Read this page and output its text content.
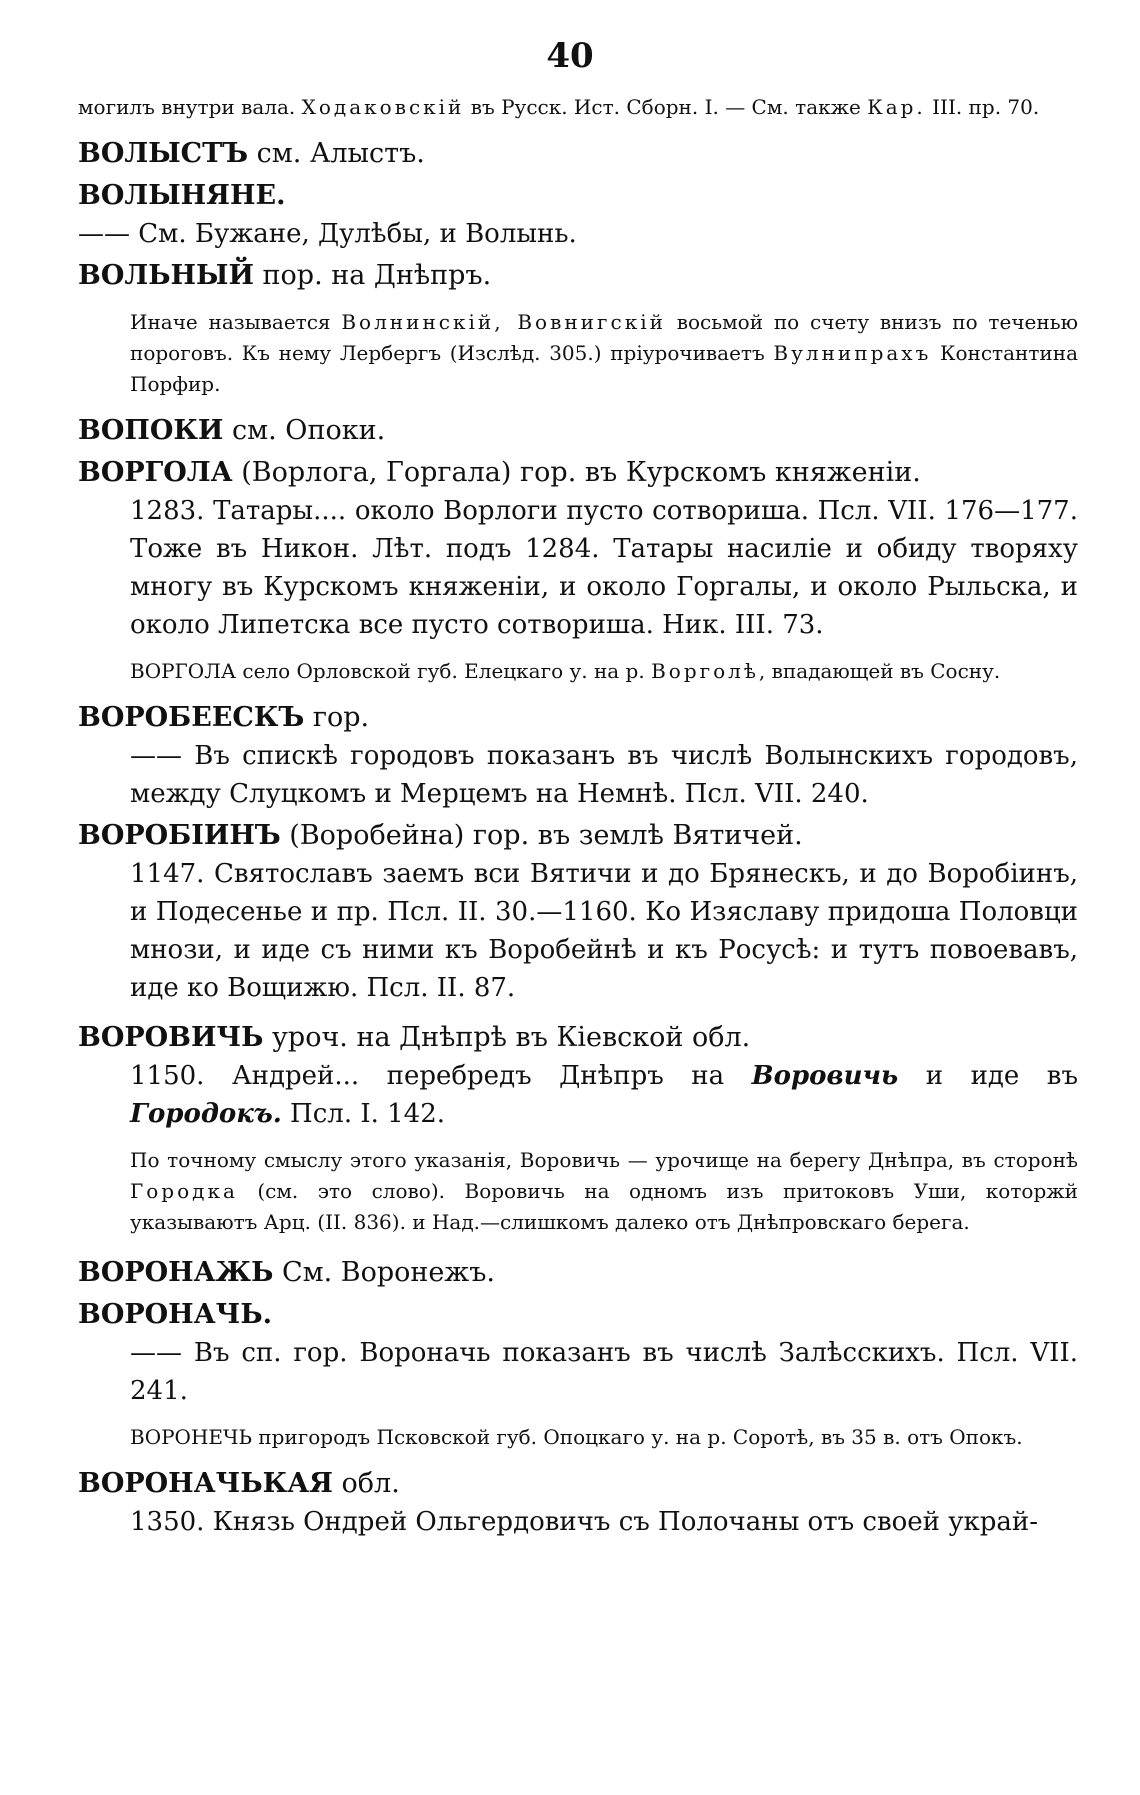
40
могилъ внутри вала. Ходаковскій въ Русск. Ист. Сборн. I. — См. также Кар. III. пр. 70.
ВОЛЫСТЪ см. Алыстъ.
ВОЛЫНЯНЕ.
—— См. Бужане, Дулѣбы, и Волынь.
ВОЛЬНЫЙ пор. на Днѣпръ.
Иначе называется Волнинскій, Вовнигскій восьмой по счету внизъ по теченью пороговъ. Къ нему Лербергъ (Изслѣд. 305.) пріурочиваетъ Вулнипрахъ Константина Порфир.
ВОПОКИ см. Опоки.
ВОРГОЛА (Ворлога, Горгала) гор. въ Курскомъ княженіи.
1283. Татары.... около Ворлоги пусто сотвориша. Псл. VII. 176—177. Тоже въ Никон. Лѣт. подъ 1284. Татары насиліе и обиду творяху многу въ Курскомъ княженіи, и около Горгалы, и около Рыльска, и около Липетска все пусто сотвориша. Ник. III. 73.
ВОРГОЛА село Орловской губ. Елецкаго у. на р. Ворголѣ, впадающей въ Сосну.
ВОРОБЕЕСКЪ гор.
—— Въ спискѣ городовъ показанъ въ числѣ Волынскихъ городовъ, между Слуцкомъ и Мерцемъ на Немнѣ. Псл. VII. 240.
ВОРОБІИНЪ (Воробейна) гор. въ землѣ Вятичей.
1147. Святославъ заемъ вси Вятичи и до Брянескъ, и до Воробіинъ, и Подесенье и пр. Псл. II. 30.—1160. Ко Изяславу придоша Половци мнози, и иде съ ними къ Воробейнѣ и къ Росусѣ: и тутъ повоевавъ, иде ко Вощижю. Псл. II. 87.
ВОРОВИЧЬ уроч. на Днѣпрѣ въ Кіевской обл.
1150. Андрей... перебредъ Днѣпръ на Воровичь и иде въ Городокъ. Псл. I. 142.
По точному смыслу этого указанія, Воровичь — урочище на берегу Днѣпра, въ сторонѣ Городка (см. это слово). Воровичь на одномъ изъ притоковъ Уши, которжй указываютъ Арц. (II. 836). и Над.—слишкомъ далеко отъ Днѣпровскаго берега.
ВОРОНАЖЬ См. Воронежъ.
ВОРОНАЧЬ.
—— Въ сп. гор. Вороначь показанъ въ числѣ Залѣсскихъ. Псл. VII. 241.
ВОРОНЕЧЬ пригородъ Псковской губ. Опоцкаго у. на р. Соротѣ, въ 35 в. отъ Опокъ.
ВОРОНАЧЬКАЯ обл.
1350. Князь Ондрей Ольгердовичъ съ Полочаны отъ своей украй-
